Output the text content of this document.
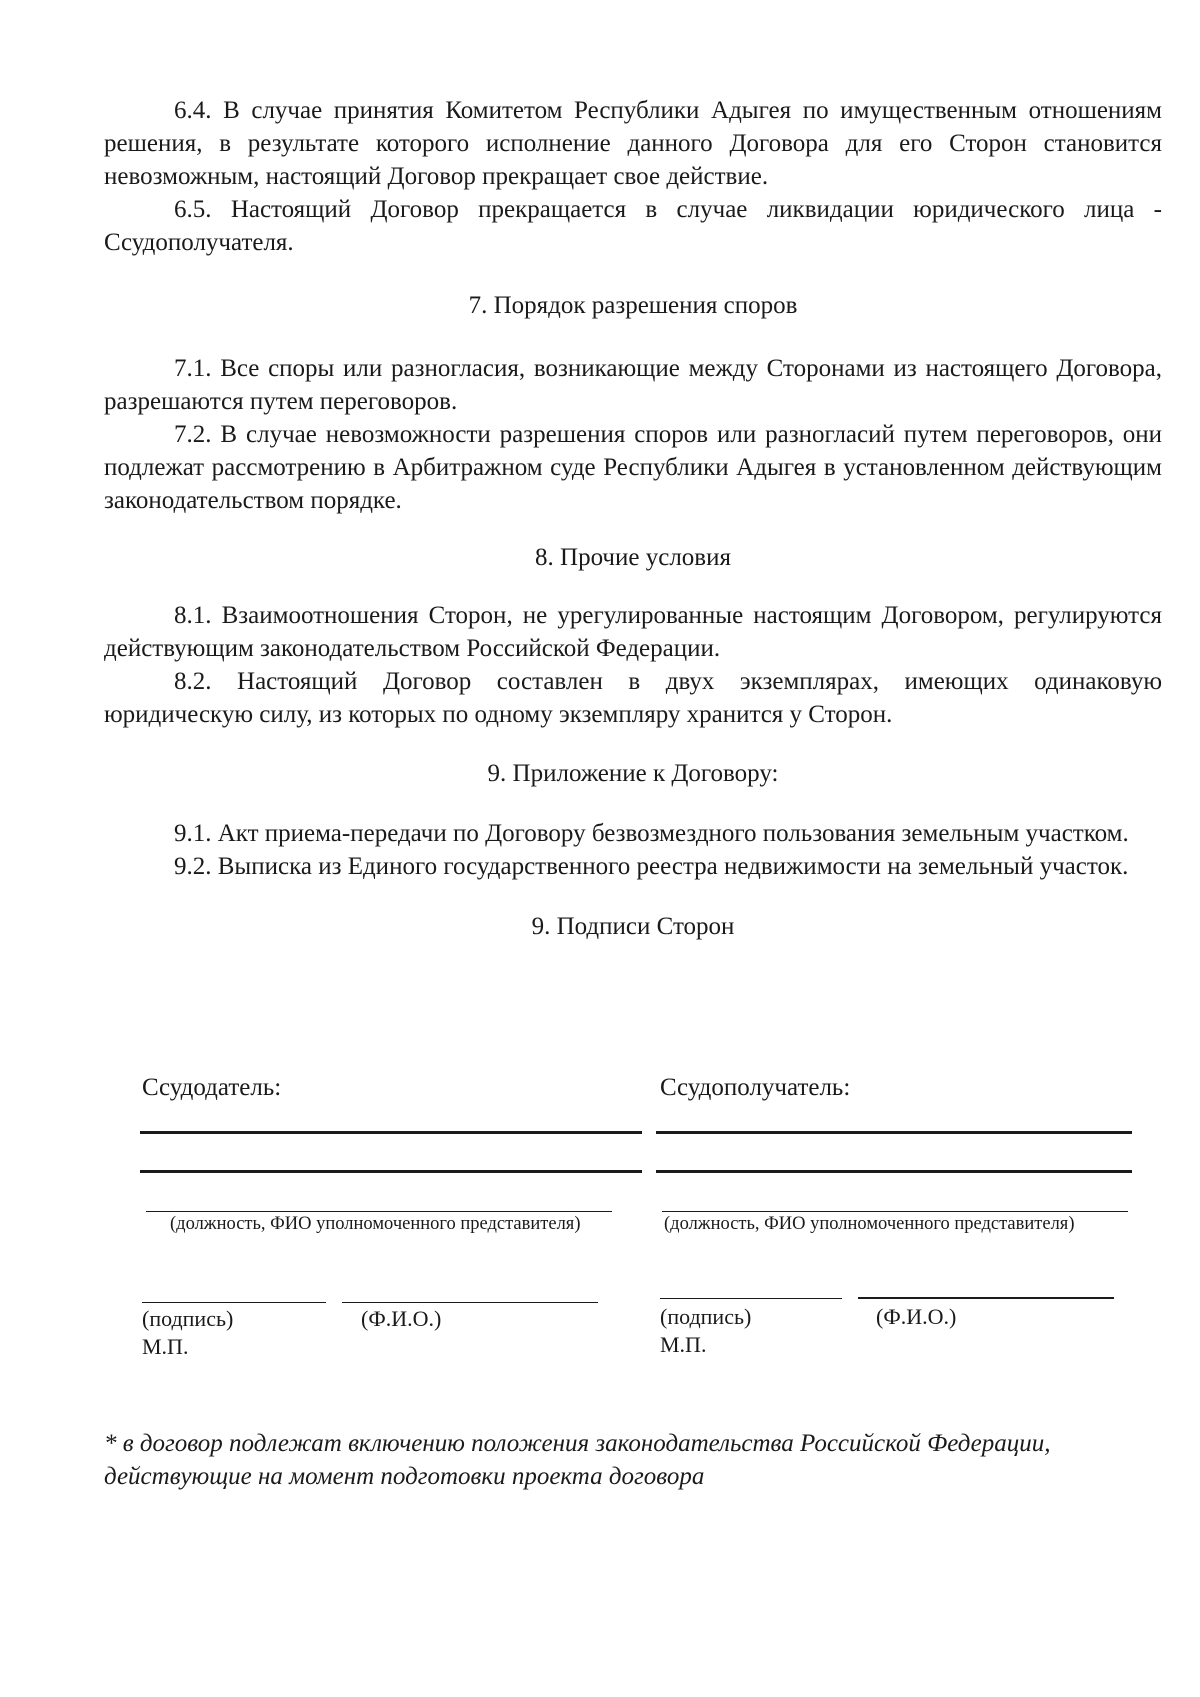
6.4. В случае принятия Комитетом Республики Адыгея по имущественным отношениям решения, в результате которого исполнение данного Договора для его Сторон становится невозможным, настоящий Договор прекращает свое действие.

6.5. Настоящий Договор прекращается в случае ликвидации юридического лица - Ссудополучателя.

7. Порядок разрешения споров

7.1. Все споры или разногласия, возникающие между Сторонами из настоящего Договора, разрешаются путем переговоров.

7.2. В случае невозможности разрешения споров или разногласий путем переговоров, они подлежат рассмотрению в Арбитражном суде Республики Адыгея в установленном действующим законодательством порядке.

8. Прочие условия

8.1. Взаимоотношения Сторон, не урегулированные настоящим Договором, регулируются действующим законодательством Российской Федерации.

8.2. Настоящий Договор составлен в двух экземплярах, имеющих одинаковую юридическую силу, из которых по одному экземпляру хранится у Сторон.

9. Приложение к Договору:

9.1. Акт приема-передачи по Договору безвозмездного пользования земельным участком.

9.2. Выписка из Единого государственного реестра недвижимости на земельный участок.

9. Подписи Сторон

Ссудодатель:
(должность, ФИО уполномоченного представителя)
(подпись)	(Ф.И.О.)
М.П.
Ссудополучатель:
(должность, ФИО уполномоченного представителя)
(подпись)	(Ф.И.О.)
М.П.
* в договор подлежат включению положения законодательства Российской Федерации, действующие на момент подготовки проекта договора
